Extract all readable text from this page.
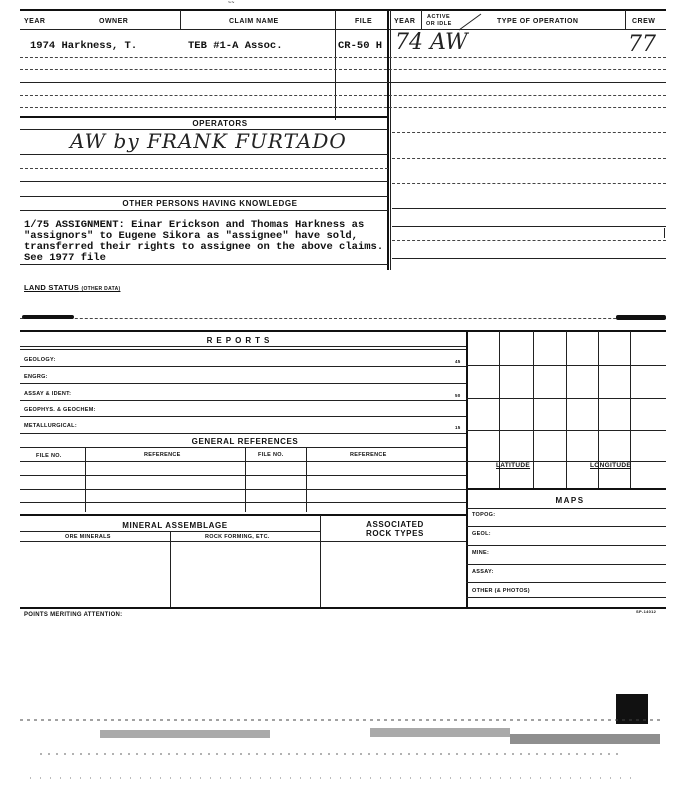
~~
YEAR	OWNER	CLAIM NAME	FILE	YEAR
ACTIVE
OR IDLE	TYPE OF OPERATION	CREW
1974 Harkness, T.	TEB #1-A Assoc.	CR-50 H 74 AW	77
OPERATORS
AW by FRANK FURTADO
OTHER PERSONS HAVING KNOWLEDGE
1/75 ASSIGNMENT: Einar Erickson and Thomas Harkness as
"assignors" to Eugene Sikora as "assignee" have sold,
transferred their rights to assignee on the above claims.
See 1977 file
LAND STATUS (OTHER DATA)
REPORTS
GEOLOGY:	45
ENGRG:
ASSAY & IDENT:	50
GEOPHYS. & GEOCHEM:
METALLURGICAL:	15
GENERAL REFERENCES
FILE NO.	REFERENCE	FILE NO.	REFERENCE
MINERAL ASSEMBLAGE
ORE MINERALS	ROCK FORMING, ETC.
ASSOCIATED
ROCK TYPES
LATITUDE	LONGITUDE
MAPS
TOPOG:
GEOL:
MINE:
ASSAY:
OTHER (& PHOTOS)
POINTS MERITING ATTENTION:
SP-14012
